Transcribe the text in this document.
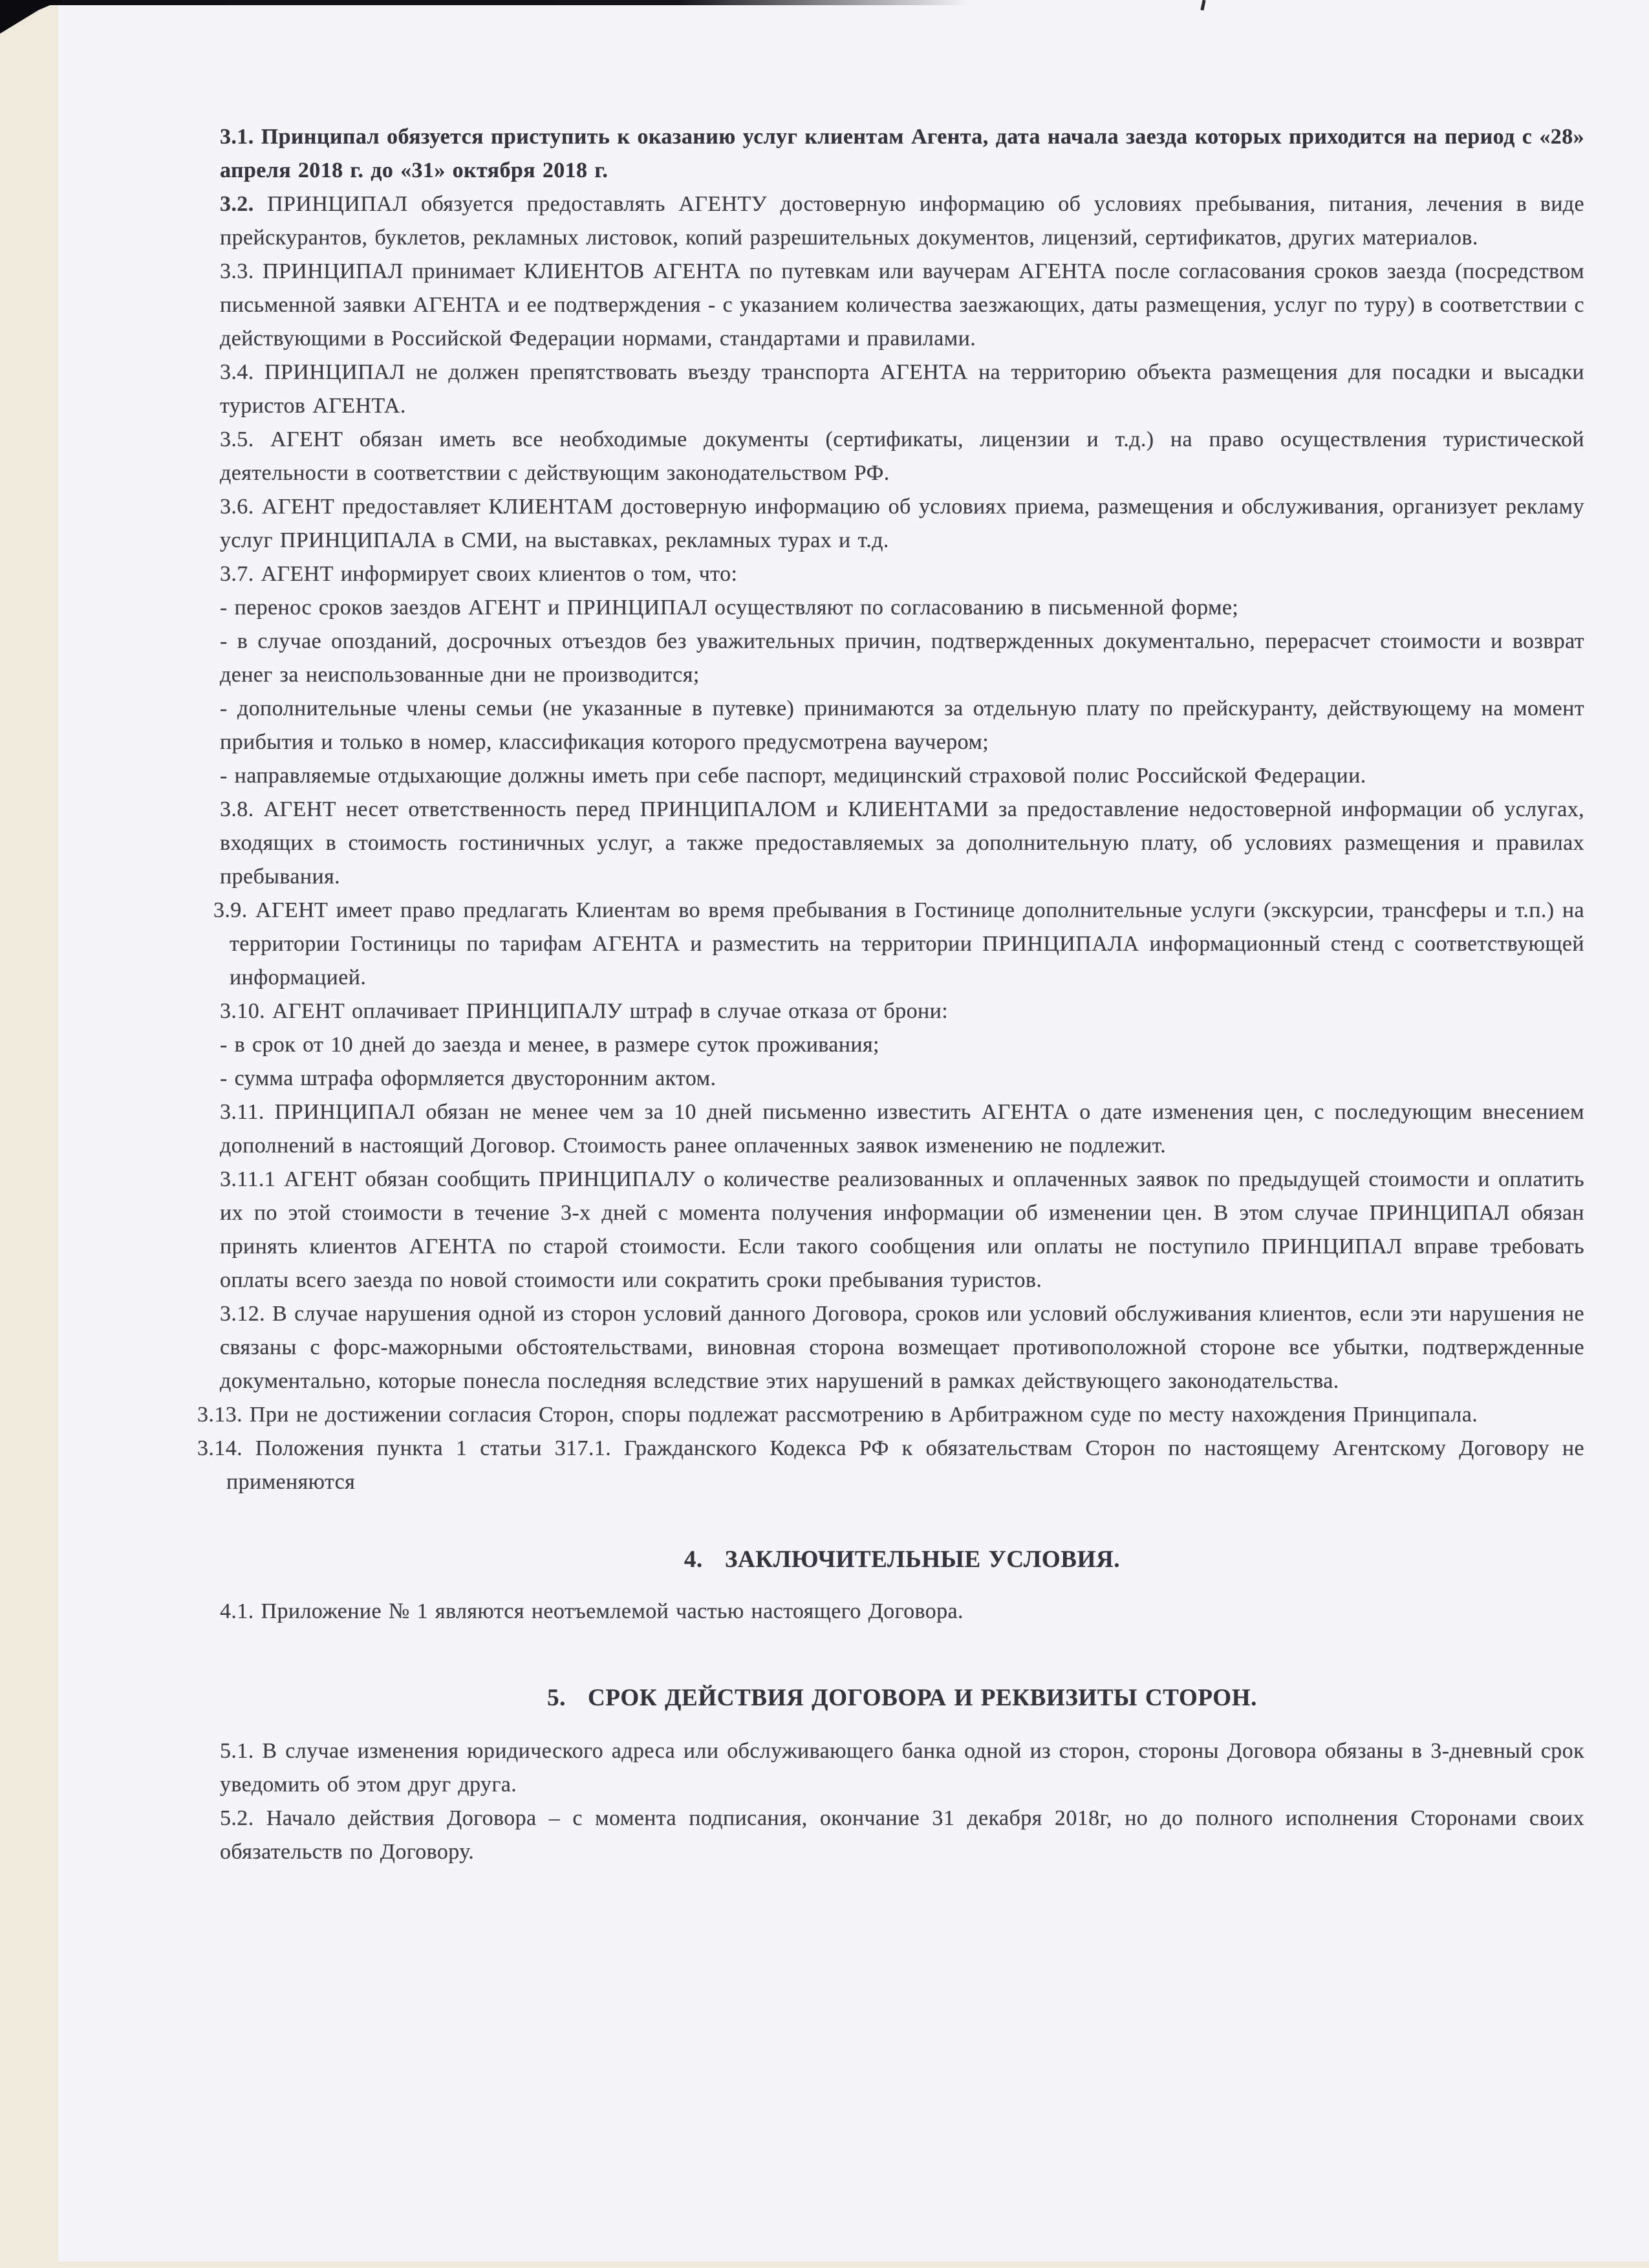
3.1. Принципал обязуется приступить к оказанию услуг клиентам Агента, дата начала заезда которых приходится на период с «28» апреля 2018 г. до «31» октября 2018 г.

3.2. ПРИНЦИПАЛ обязуется предоставлять АГЕНТУ достоверную информацию об условиях пребывания, питания, лечения в виде прейскурантов, буклетов, рекламных листовок, копий разрешительных документов, лицензий, сертификатов, других материалов.

3.3. ПРИНЦИПАЛ принимает КЛИЕНТОВ АГЕНТА по путевкам или ваучерам АГЕНТА после согласования сроков заезда (посредством письменной заявки АГЕНТА и ее подтверждения - с указанием количества заезжающих, даты размещения, услуг по туру) в соответствии с действующими в Российской Федерации нормами, стандартами и правилами.

3.4. ПРИНЦИПАЛ не должен препятствовать въезду транспорта АГЕНТА на территорию объекта размещения для посадки и высадки туристов АГЕНТА.

3.5. АГЕНТ обязан иметь все необходимые документы (сертификаты, лицензии и т.д.) на право осуществления туристической деятельности в соответствии с действующим законодательством РФ.

3.6. АГЕНТ предоставляет КЛИЕНТАМ достоверную информацию об условиях приема, размещения и обслуживания, организует рекламу услуг ПРИНЦИПАЛА в СМИ, на выставках, рекламных турах и т.д.

3.7. АГЕНТ информирует своих клиентов о том, что:

- перенос сроков заездов АГЕНТ и ПРИНЦИПАЛ осуществляют по согласованию в письменной форме;

- в случае опозданий, досрочных отъездов без уважительных причин, подтвержденных документально, перерасчет стоимости и возврат денег за неиспользованные дни не производится;

- дополнительные члены семьи (не указанные в путевке) принимаются за отдельную плату по прейскуранту, действующему на момент прибытия и только в номер, классификация которого предусмотрена ваучером;

- направляемые отдыхающие должны иметь при себе паспорт, медицинский страховой полис Российской Федерации.

3.8. АГЕНТ несет ответственность перед ПРИНЦИПАЛОМ и КЛИЕНТАМИ за предоставление недостоверной информации об услугах, входящих в стоимость гостиничных услуг, а также предоставляемых за дополнительную плату, об условиях размещения и правилах пребывания.

3.9. АГЕНТ имеет право предлагать Клиентам во время пребывания в Гостинице дополнительные услуги (экскурсии, трансферы и т.п.) на территории Гостиницы по тарифам АГЕНТА и разместить на территории ПРИНЦИПАЛА информационный стенд с соответствующей информацией.

3.10. АГЕНТ оплачивает ПРИНЦИПАЛУ штраф в случае отказа от брони:

- в срок от 10 дней до заезда и менее, в размере суток проживания;

- сумма штрафа оформляется двусторонним актом.

3.11. ПРИНЦИПАЛ обязан не менее чем за 10 дней письменно известить АГЕНТА о дате изменения цен, с последующим внесением дополнений в настоящий Договор. Стоимость ранее оплаченных заявок изменению не подлежит.

3.11.1 АГЕНТ обязан сообщить ПРИНЦИПАЛУ о количестве реализованных и оплаченных заявок по предыдущей стоимости и оплатить их по этой стоимости в течение 3-х дней с момента получения информации об изменении цен. В этом случае ПРИНЦИПАЛ обязан принять клиентов АГЕНТА по старой стоимости. Если такого сообщения или оплаты не поступило ПРИНЦИПАЛ вправе требовать оплаты всего заезда по новой стоимости или сократить сроки пребывания туристов.

3.12. В случае нарушения одной из сторон условий данного Договора, сроков или условий обслуживания клиентов, если эти нарушения не связаны с форс-мажорными обстоятельствами, виновная сторона возмещает противоположной стороне все убытки, подтвержденные документально, которые понесла последняя вследствие этих нарушений в рамках действующего законодательства.

3.13. При не достижении согласия Сторон, споры подлежат рассмотрению в Арбитражном суде по месту нахождения Принципала.

3.14. Положения пункта 1 статьи 317.1. Гражданского Кодекса РФ к обязательствам Сторон по настоящему Агентскому Договору не применяются

4. ЗАКЛЮЧИТЕЛЬНЫЕ УСЛОВИЯ.

4.1. Приложение № 1 являются неотъемлемой частью настоящего Договора.

5. СРОК ДЕЙСТВИЯ ДОГОВОРА И РЕКВИЗИТЫ СТОРОН.

5.1. В случае изменения юридического адреса или обслуживающего банка одной из сторон, стороны Договора обязаны в 3-дневный срок уведомить об этом друг друга.

5.2. Начало действия Договора – с момента подписания, окончание 31 декабря 2018г, но до полного исполнения Сторонами своих обязательств по Договору.
